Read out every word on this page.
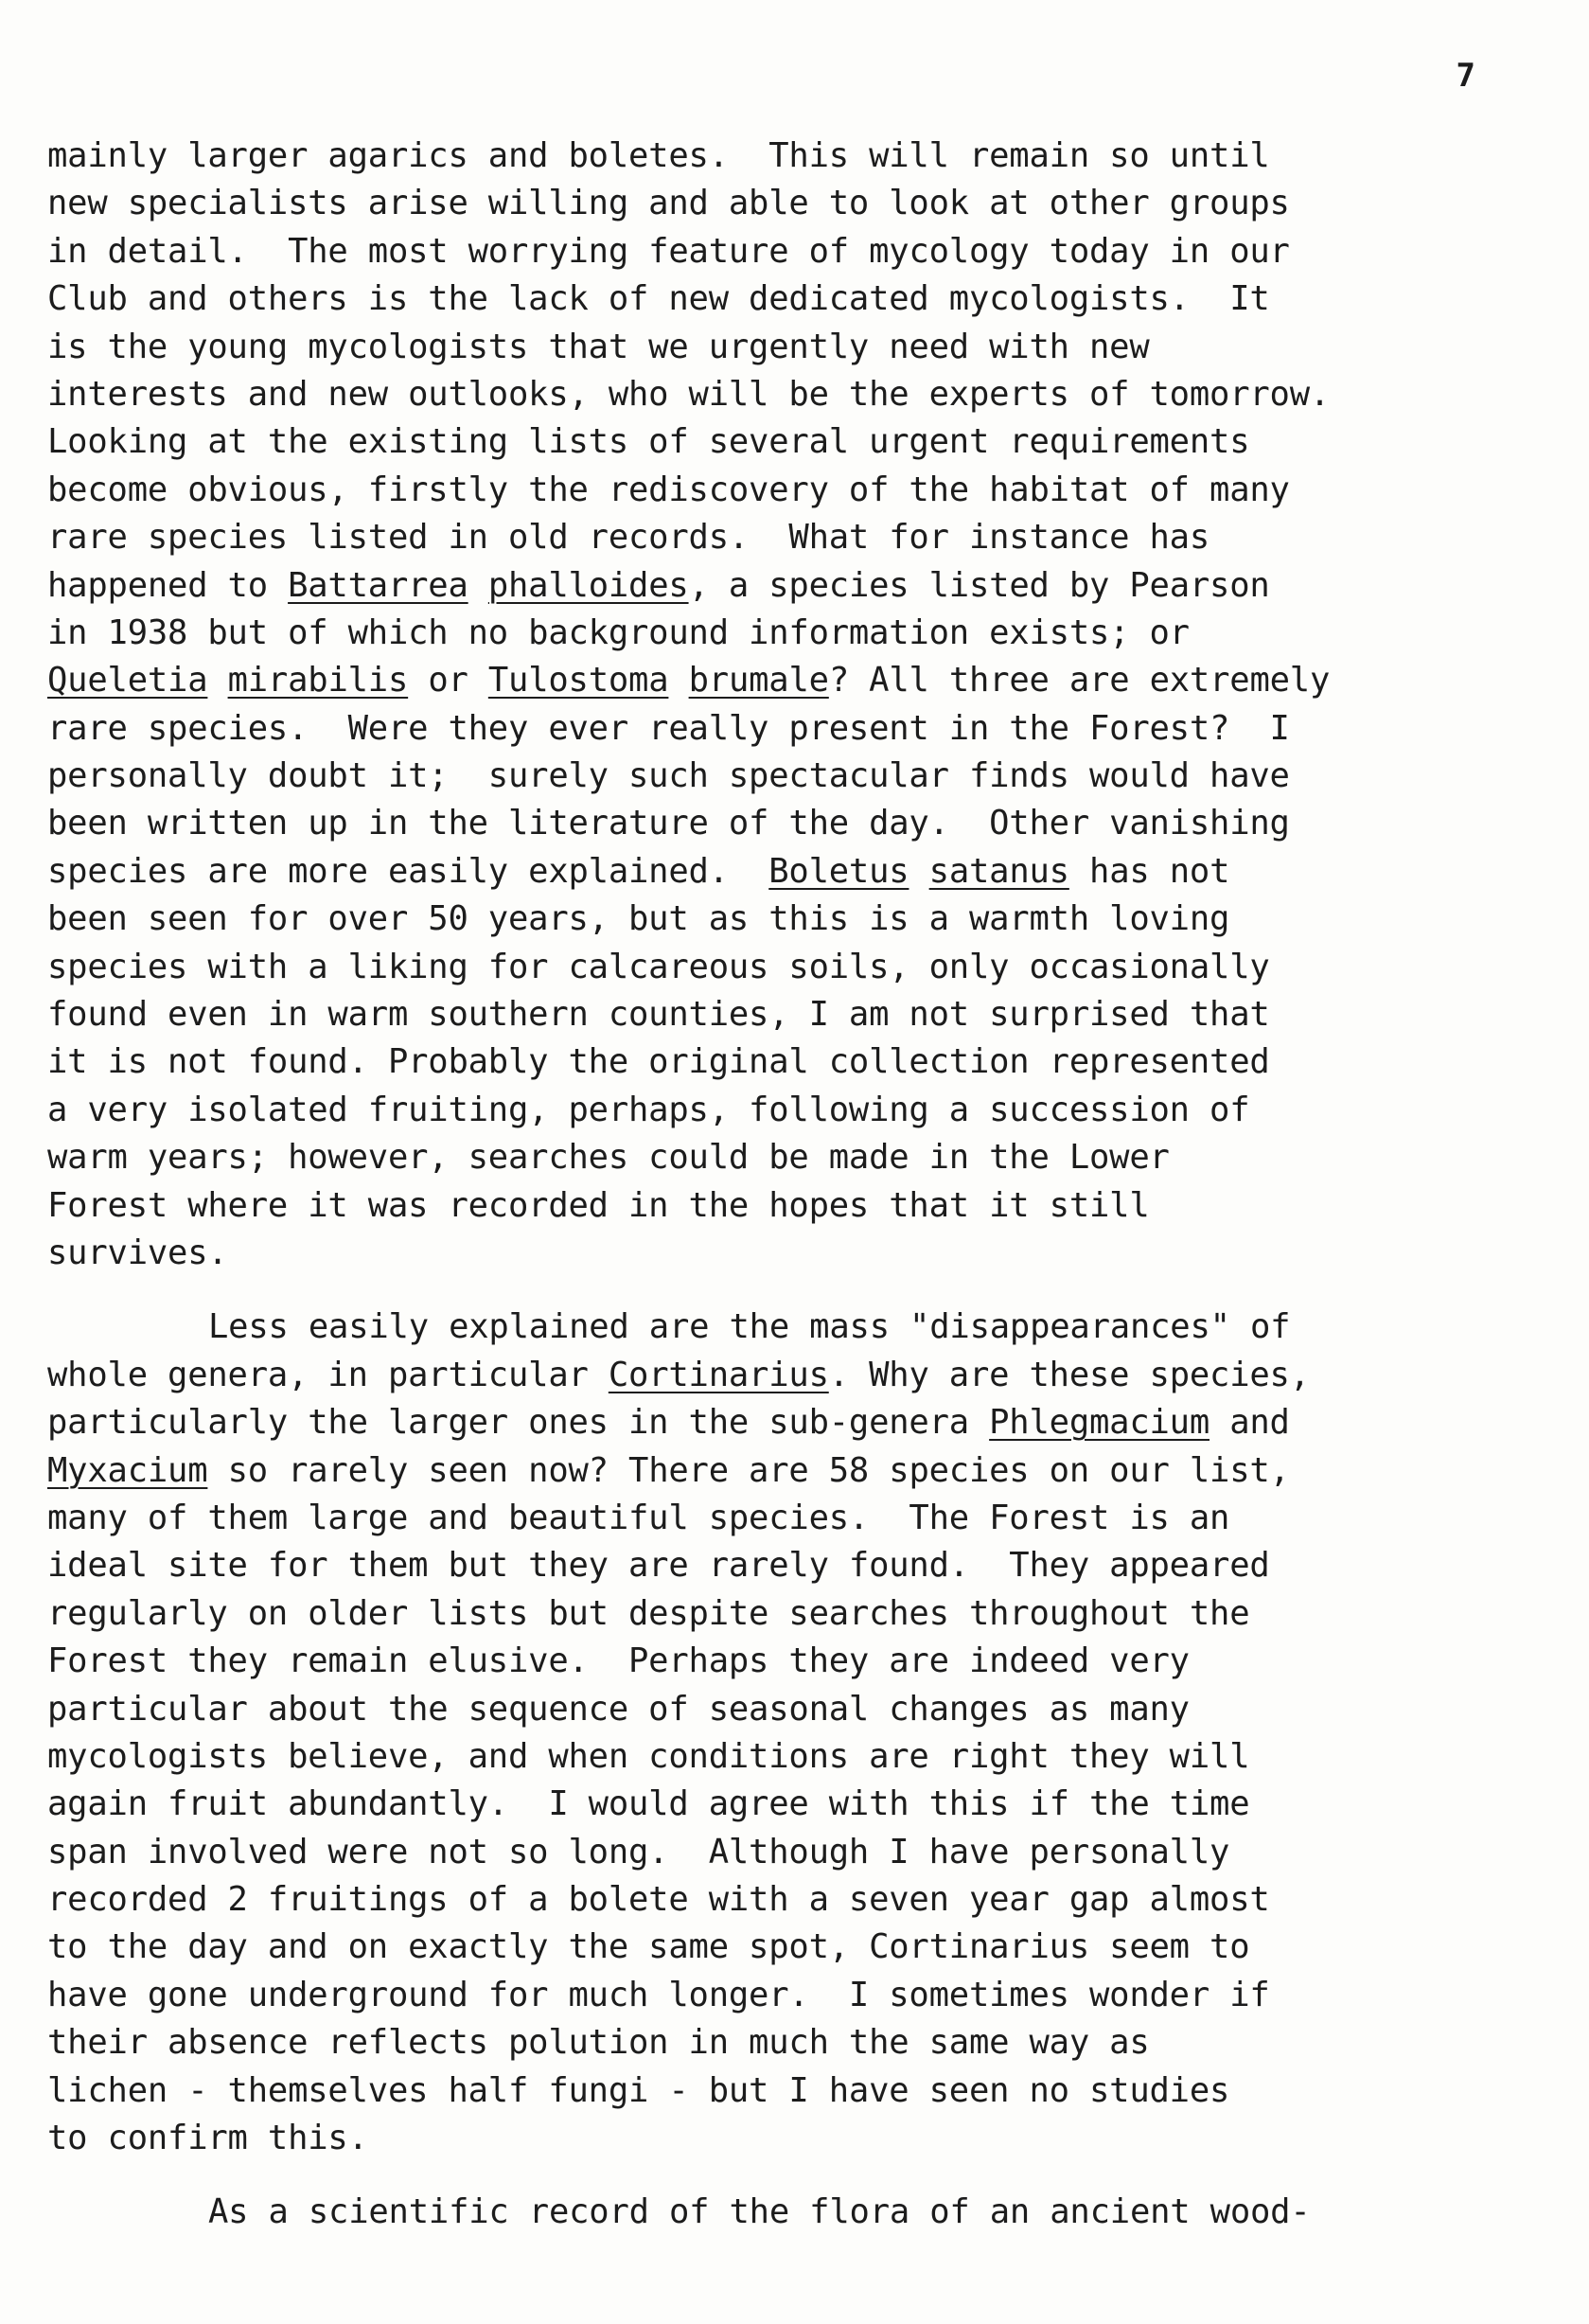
7
mainly larger agarics and boletes.  This will remain so until
new specialists arise willing and able to look at other groups
in detail.  The most worrying feature of mycology today in our
Club and others is the lack of new dedicated mycologists.  It
is the young mycologists that we urgently need with new
interests and new outlooks, who will be the experts of tomorrow.
Looking at the existing lists of several urgent requirements
become obvious, firstly the rediscovery of the habitat of many
rare species listed in old records.  What for instance has
happened to Battarrea phalloides, a species listed by Pearson
in 1938 but of which no background information exists; or
Queletia mirabilis or Tulostoma brumale? All three are extremely
rare species.  Were they ever really present in the Forest?  I
personally doubt it;  surely such spectacular finds would have
been written up in the literature of the day.  Other vanishing
species are more easily explained.  Boletus satanus has not
been seen for over 50 years, but as this is a warmth loving
species with a liking for calcareous soils, only occasionally
found even in warm southern counties, I am not surprised that
it is not found. Probably the original collection represented
a very isolated fruiting, perhaps, following a succession of
warm years; however, searches could be made in the Lower
Forest where it was recorded in the hopes that it still
survives.
Less easily explained are the mass "disappearances" of
whole genera, in particular Cortinarius. Why are these species,
particularly the larger ones in the sub-genera Phlegmacium and
Myxacium so rarely seen now? There are 58 species on our list,
many of them large and beautiful species.  The Forest is an
ideal site for them but they are rarely found.  They appeared
regularly on older lists but despite searches throughout the
Forest they remain elusive.  Perhaps they are indeed very
particular about the sequence of seasonal changes as many
mycologists believe, and when conditions are right they will
again fruit abundantly.  I would agree with this if the time
span involved were not so long.  Although I have personally
recorded 2 fruitings of a bolete with a seven year gap almost
to the day and on exactly the same spot, Cortinarius seem to
have gone underground for much longer.  I sometimes wonder if
their absence reflects polution in much the same way as
lichen - themselves half fungi - but I have seen no studies
to confirm this.
As a scientific record of the flora of an ancient wood-
